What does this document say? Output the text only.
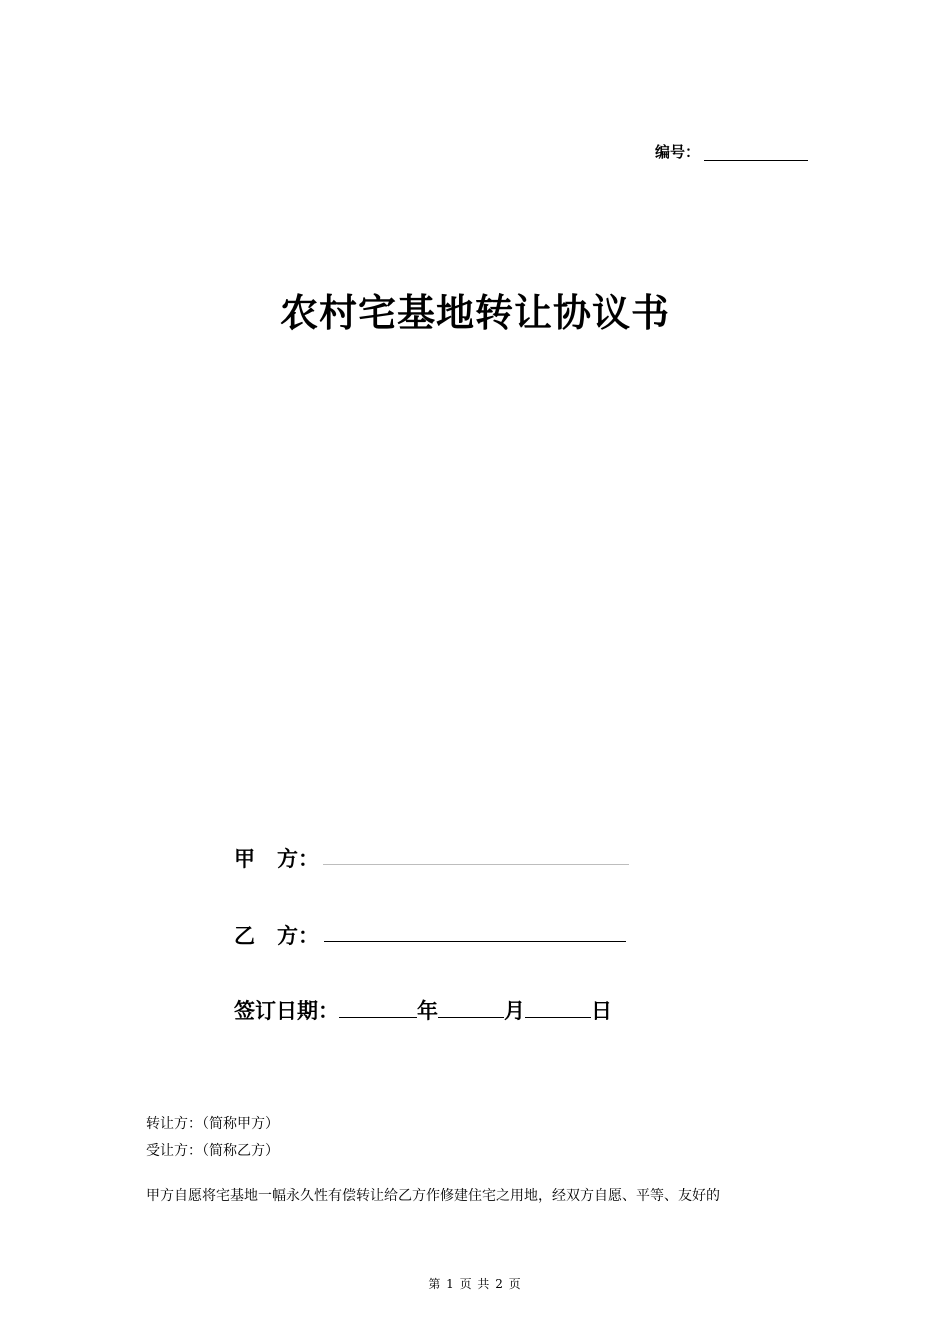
编号：
农村宅基地转让协议书
甲 方：
乙 方：
签订日期：	年	月	日
转让方：（简称甲方）
受让方：（简称乙方）
甲方自愿将宅基地一幅永久性有偿转让给乙方作修建住宅之用地，经双方自愿、平等、友好的
第 1 页 共 2 页
